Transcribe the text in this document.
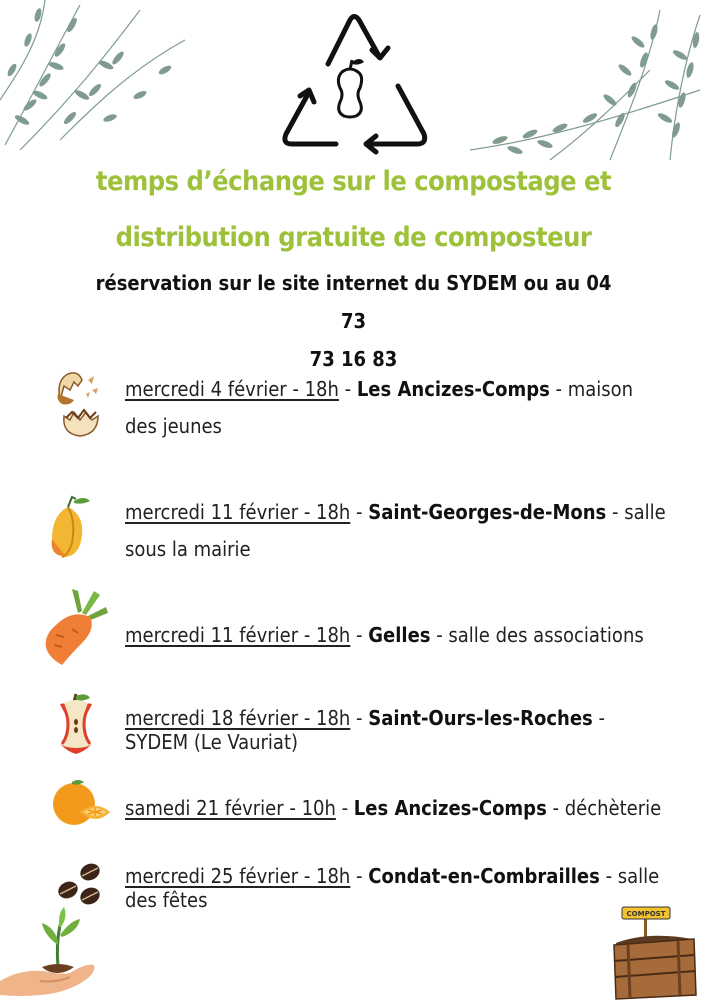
temps d’échange sur le compostage et
distribution gratuite de composteur
réservation sur le site internet du SYDEM ou au 04 73
73 16 83
mercredi 4 février - 18h - Les Ancizes-Comps - maison des jeunes
mercredi 11 février - 18h - Saint-Georges-de-Mons - salle sous la mairie
mercredi 11 février - 18h - Gelles - salle des associations
mercredi 18 février - 18h - Saint-Ours-les-Roches - SYDEM (Le Vauriat)
samedi 21 février - 10h - Les Ancizes-Comps - déchèterie
mercredi 25 février - 18h - Condat-en-Combrailles - salle des fêtes
COMPOST
